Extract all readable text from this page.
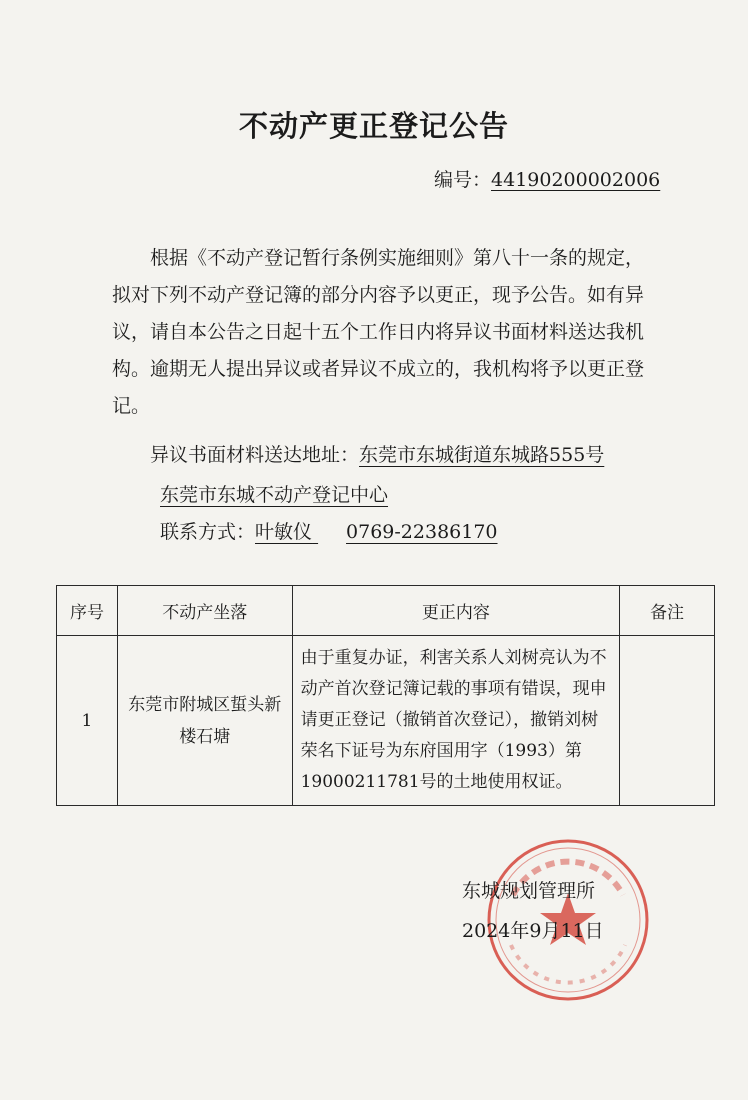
不动产更正登记公告
编号：44190200002006
根据《不动产登记暂行条例实施细则》第八十一条的规定，拟对下列不动产登记簿的部分内容予以更正，现予公告。如有异议，请自本公告之日起十五个工作日内将异议书面材料送达我机构。逾期无人提出异议或者异议不成立的，我机构将予以更正登记。
异议书面材料送达地址：东莞市东城街道东城路555号
东莞市东城不动产登记中心
联系方式：叶敏仪 0769-22386170
序号	不动产坐落	更正内容	备注
1	东莞市附城区蜇头新楼石塘	由于重复办证，利害关系人刘树亮认为不动产首次登记簿记载的事项有错误，现申请更正登记（撤销首次登记），撤销刘树荣名下证号为东府国用字（1993）第19000211781号的土地使用权证。	
东城规划管理所
2024年9月11日
